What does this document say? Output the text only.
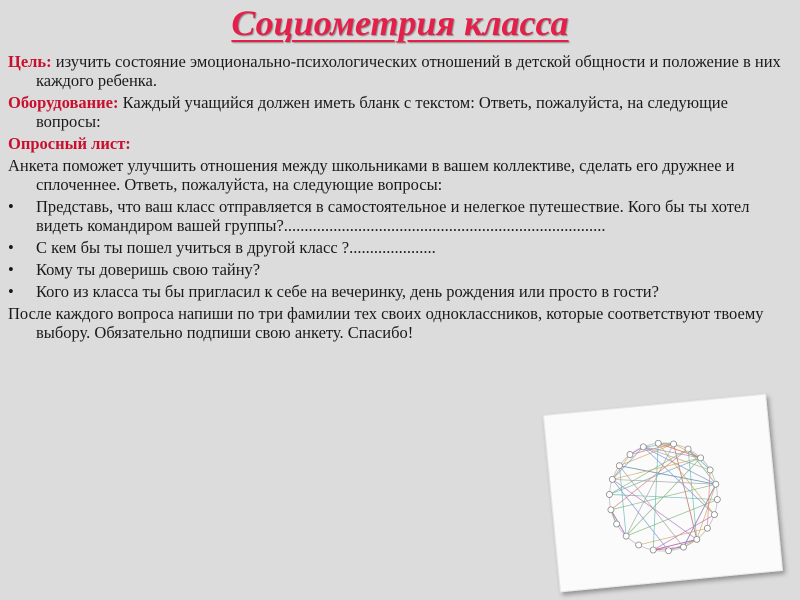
Социометрия класса

Цель: изучить состояние эмоционально-психологических отношений в детской общности и положение в них каждого ребенка.

Оборудование: Каждый учащийся должен иметь бланк с текстом: Ответь, пожалуйста, на следующие вопросы:

Опросный лист:

Анкета поможет улучшить отношения между школьниками в вашем коллективе, сделать его дружнее и сплоченнее. Ответь, пожалуйста, на следующие вопросы:

•	Представь, что ваш класс отправляется в самостоятельное и нелегкое путешествие. Кого бы ты хотел видеть командиром вашей группы?..............................................................................
•	С кем бы ты пошел учиться в другой класс ?.....................
•	Кому ты доверишь свою тайну?
•	Кого из класса ты бы пригласил к себе на вечеринку, день рождения или просто в гости?

После каждого вопроса напиши по три фамилии тех своих одноклассников, которые соответствуют твоему выбору. Обязательно подпиши свою анкету. Спасибо!
